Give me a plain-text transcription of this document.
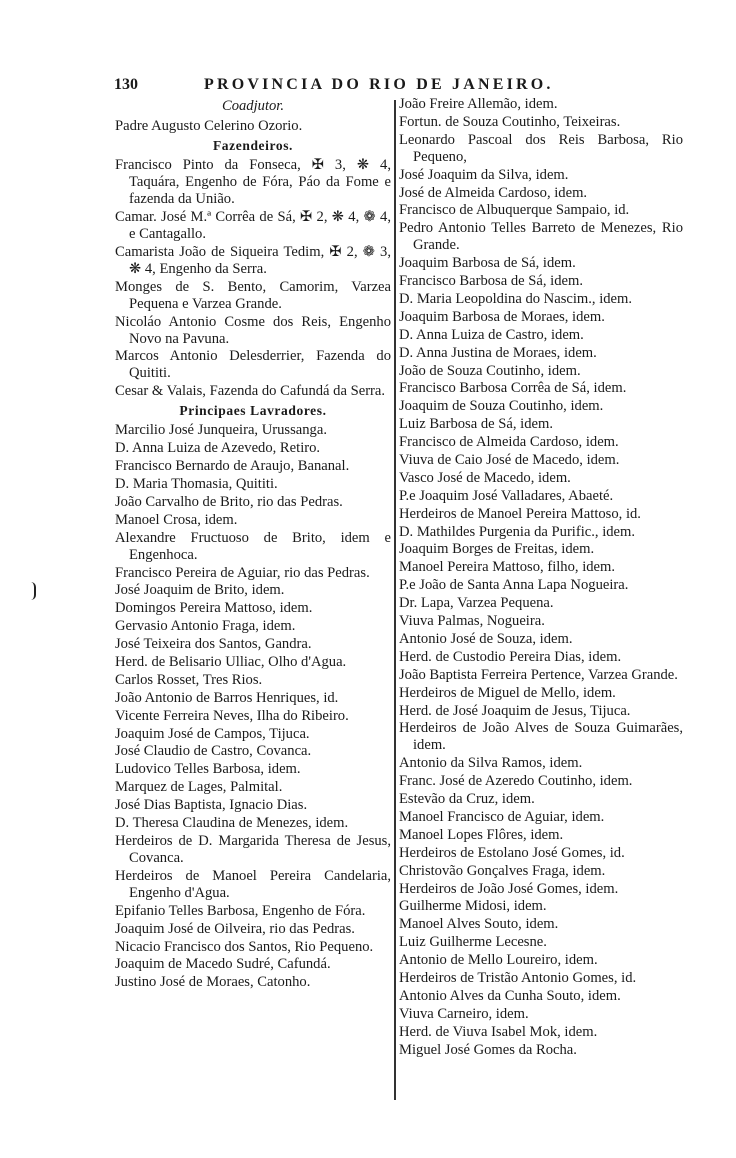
130	PROVINCIA DO RIO DE JANEIRO.
Coadjutor.
Padre Augusto Celerino Ozorio.
Fazendeiros.
Francisco Pinto da Fonseca, ✠ 3, ❋ 4, Taquára, Engenho de Fóra, Páo da Fome e fazenda da União.
Camar. José M.ª Corrêa de Sá, ✠ 2, ❋ 4, ❁ 4, e Cantagallo.
Camarista João de Siqueira Tedim, ✠ 2, ❁ 3, ❋ 4, Engenho da Serra.
Monges de S. Bento, Camorim, Varzea Pequena e Varzea Grande.
Nicoláo Antonio Cosme dos Reis, Engenho Novo na Pavuna.
Marcos Antonio Delesderrier, Fazenda do Quititi.
Cesar & Valais, Fazenda do Cafundá da Serra.
Principaes Lavradores.
Marcilio José Junqueira, Urussanga.
D. Anna Luiza de Azevedo, Retiro.
Francisco Bernardo de Araujo, Bananal.
D. Maria Thomasia, Quititi.
João Carvalho de Brito, rio das Pedras.
Manoel Crosa, idem.
Alexandre Fructuoso de Brito, idem e Engenhoca.
Francisco Pereira de Aguiar, rio das Pedras.
José Joaquim de Brito, idem.
Domingos Pereira Mattoso, idem.
Gervasio Antonio Fraga, idem.
José Teixeira dos Santos, Gandra.
Herd. de Belisario Ulliac, Olho d'Agua.
Carlos Rosset, Tres Rios.
João Antonio de Barros Henriques, id.
Vicente Ferreira Neves, Ilha do Ribeiro.
Joaquim José de Campos, Tijuca.
José Claudio de Castro, Covanca.
Ludovico Telles Barbosa, idem.
Marquez de Lages, Palmital.
José Dias Baptista, Ignacio Dias.
D. Theresa Claudina de Menezes, idem.
Herdeiros de D. Margarida Theresa de Jesus, Covanca.
Herdeiros de Manoel Pereira Candelaria, Engenho d'Agua.
Epifanio Telles Barbosa, Engenho de Fóra.
Joaquim José de Oilveira, rio das Pedras.
Nicacio Francisco dos Santos, Rio Pequeno.
Joaquim de Macedo Sudré, Cafundá.
Justino José de Moraes, Catonho.
João Freire Allemão, idem.
Fortun. de Souza Coutinho, Teixeiras.
Leonardo Pascoal dos Reis Barbosa, Rio Pequeno,
José Joaquim da Silva, idem.
José de Almeida Cardoso, idem.
Francisco de Albuquerque Sampaio, id.
Pedro Antonio Telles Barreto de Menezes, Rio Grande.
Joaquim Barbosa de Sá, idem.
Francisco Barbosa de Sá, idem.
D. Maria Leopoldina do Nascim., idem.
Joaquim Barbosa de Moraes, idem.
D. Anna Luiza de Castro, idem.
D. Anna Justina de Moraes, idem.
João de Souza Coutinho, idem.
Francisco Barbosa Corrêa de Sá, idem.
Joaquim de Souza Coutinho, idem.
Luiz Barbosa de Sá, idem.
Francisco de Almeida Cardoso, idem.
Viuva de Caio José de Macedo, idem.
Vasco José de Macedo, idem.
P.e Joaquim José Valladares, Abaeté.
Herdeiros de Manoel Pereira Mattoso, id.
D. Mathildes Purgenia da Purific., idem.
Joaquim Borges de Freitas, idem.
Manoel Pereira Mattoso, filho, idem.
P.e João de Santa Anna Lapa Nogueira.
Dr. Lapa, Varzea Pequena.
Viuva Palmas, Nogueira.
Antonio José de Souza, idem.
Herd. de Custodio Pereira Dias, idem.
João Baptista Ferreira Pertence, Varzea Grande.
Herdeiros de Miguel de Mello, idem.
Herd. de José Joaquim de Jesus, Tijuca.
Herdeiros de João Alves de Souza Guimarães, idem.
Antonio da Silva Ramos, idem.
Franc. José de Azeredo Coutinho, idem.
Estevão da Cruz, idem.
Manoel Francisco de Aguiar, idem.
Manoel Lopes Flôres, idem.
Herdeiros de Estolano José Gomes, id.
Christovão Gonçalves Fraga, idem.
Herdeiros de João José Gomes, idem.
Guilherme Midosi, idem.
Manoel Alves Souto, idem.
Luiz Guilherme Lecesne.
Antonio de Mello Loureiro, idem.
Herdeiros de Tristão Antonio Gomes, id.
Antonio Alves da Cunha Souto, idem.
Viuva Carneiro, idem.
Herd. de Viuva Isabel Mok, idem.
Miguel José Gomes da Rocha.
